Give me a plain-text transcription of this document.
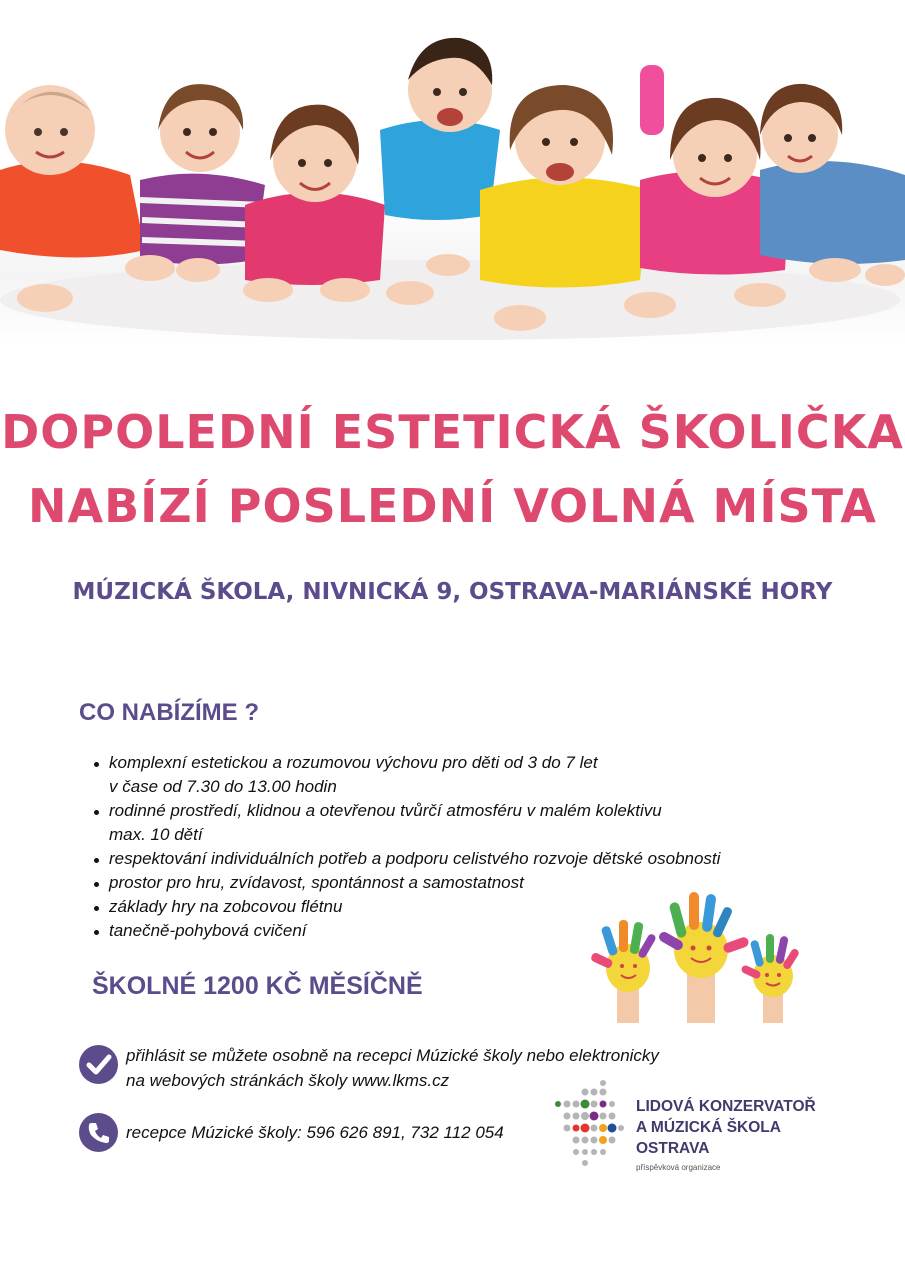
DOPOLEDNÍ ESTETICKÁ ŠKOLIČKA
NABÍZÍ POSLEDNÍ VOLNÁ MÍSTA
MÚZICKÁ ŠKOLA, NIVNICKÁ 9, OSTRAVA-MARIÁNSKÉ HORY
CO NABÍZÍME ?
komplexní estetickou a rozumovou výchovu pro děti od 3 do 7 let
v čase od 7.30 do 13.00 hodin
rodinné prostředí, klidnou a otevřenou tvůrčí atmosféru v malém kolektivu
max. 10 dětí
respektování individuálních potřeb a podporu celistvého rozvoje dětské osobnosti
prostor pro hru, zvídavost, spontánnost a samostatnost
základy hry na zobcovou flétnu
tanečně-pohybová cvičení
ŠKOLNÉ 1200 KČ MĚSÍČNĚ
přihlásit se můžete osobně na recepci Múzické školy nebo elektronicky
na webových stránkách školy www.lkms.cz
recepce Múzické školy: 596 626 891, 732 112 054
LIDOVÁ KONZERVATOŘ
A MÚZICKÁ ŠKOLA
OSTRAVA
příspěvková organizace
